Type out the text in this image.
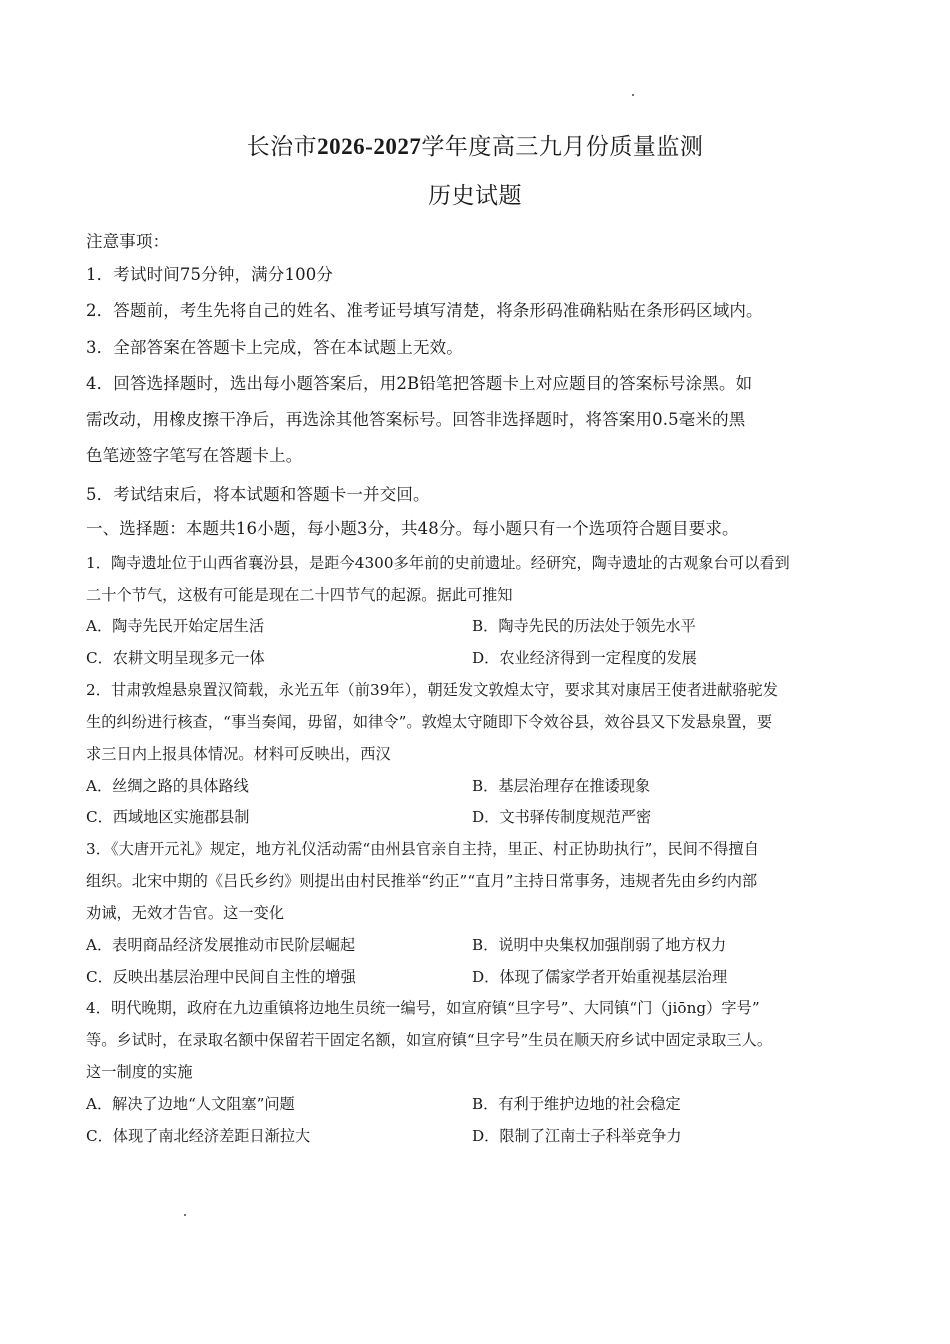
长治市2026-2027学年度高三九月份质量监测
历史试题
注意事项：
1．考试时间75分钟，满分100分
2．答题前，考生先将自己的姓名、准考证号填写清楚，将条形码准确粘贴在条形码区域内。
3．全部答案在答题卡上完成，答在本试题上无效。
4．回答选择题时，选出每小题答案后，用2B铅笔把答题卡上对应题目的答案标号涂黑。如
需改动，用橡皮擦干净后，再选涂其他答案标号。回答非选择题时，将答案用0.5毫米的黑
色笔迹签字笔写在答题卡上。
5．考试结束后，将本试题和答题卡一并交回。
一、选择题：本题共16小题，每小题3分，共48分。每小题只有一个选项符合题目要求。
1．陶寺遗址位于山西省襄汾县，是距今4300多年前的史前遗址。经研究，陶寺遗址的古观象台可以看到
二十个节气，这极有可能是现在二十四节气的起源。据此可推知
A．陶寺先民开始定居生活	B．陶寺先民的历法处于领先水平
C．农耕文明呈现多元一体	D．农业经济得到一定程度的发展
2．甘肃敦煌悬泉置汉简载，永光五年（前39年），朝廷发文敦煌太守，要求其对康居王使者进献骆驼发
生的纠纷进行核查，“事当奏闻，毋留，如律令”。敦煌太守随即下令效谷县，效谷县又下发悬泉置，要
求三日内上报具体情况。材料可反映出，西汉
A．丝绸之路的具体路线	B．基层治理存在推诿现象
C．西域地区实施郡县制	D．文书驿传制度规范严密
3．《大唐开元礼》规定，地方礼仪活动需“由州县官亲自主持，里正、村正协助执行”，民间不得擅自
组织。北宋中期的《吕氏乡约》则提出由村民推举“约正”“直月”主持日常事务，违规者先由乡约内部
劝诫，无效才告官。这一变化
A．表明商品经济发展推动市民阶层崛起	B．说明中央集权加强削弱了地方权力
C．反映出基层治理中民间自主性的增强	D．体现了儒家学者开始重视基层治理
4．明代晚期，政府在九边重镇将边地生员统一编号，如宣府镇“旦字号”、大同镇“门（jiōng）字号”
等。乡试时，在录取名额中保留若干固定名额，如宣府镇“旦字号”生员在顺天府乡试中固定录取三人。
这一制度的实施
A．解决了边地“人文阻塞”问题	B．有利于维护边地的社会稳定
C．体现了南北经济差距日渐拉大	D．限制了江南士子科举竞争力
